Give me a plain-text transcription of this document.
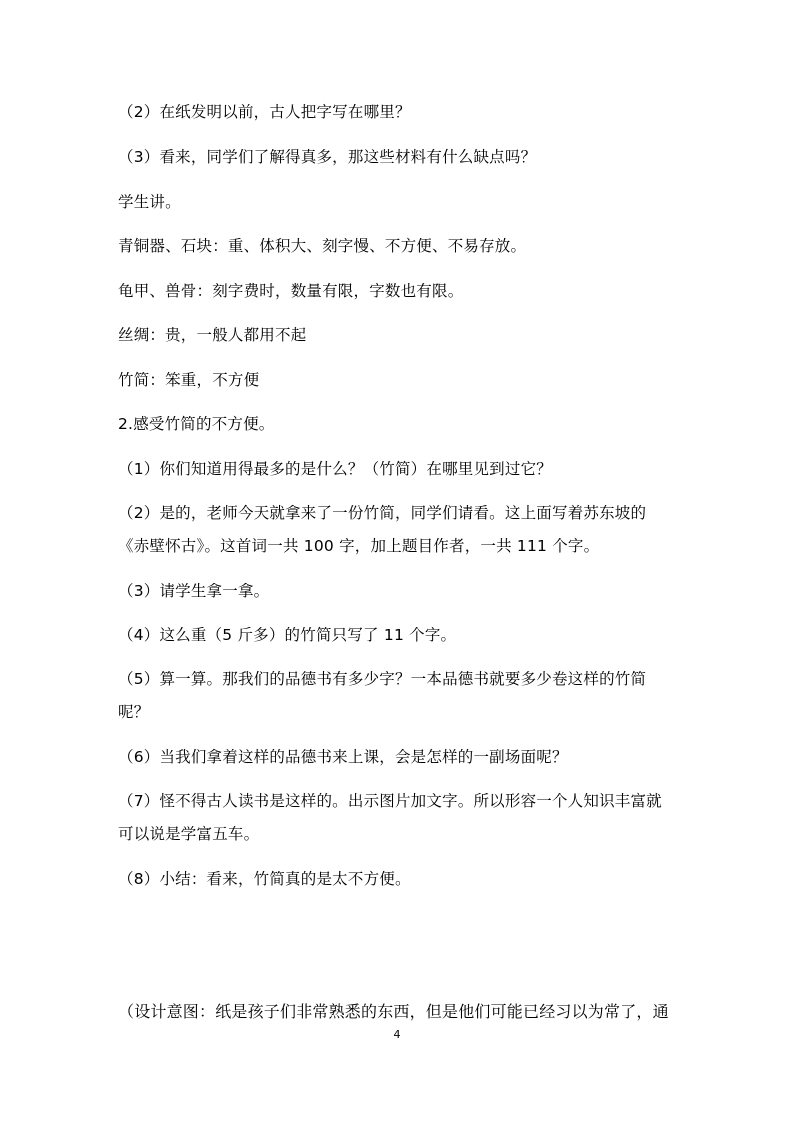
（2）在纸发明以前，古人把字写在哪里？
（3）看来，同学们了解得真多，那这些材料有什么缺点吗？
学生讲。
青铜器、石块：重、体积大、刻字慢、不方便、不易存放。
龟甲、兽骨：刻字费时，数量有限，字数也有限。
丝绸：贵，一般人都用不起
竹简：笨重，不方便
2.感受竹简的不方便。
（1）你们知道用得最多的是什么？（竹简）在哪里见到过它？
（2）是的，老师今天就拿来了一份竹简，同学们请看。这上面写着苏东坡的
《赤壁怀古》。这首词一共 100 字，加上题目作者，一共 111 个字。
（3）请学生拿一拿。
（4）这么重（5 斤多）的竹简只写了 11 个字。
（5）算一算。那我们的品德书有多少字？一本品德书就要多少卷这样的竹简
呢？
（6）当我们拿着这样的品德书来上课，会是怎样的一副场面呢？
（7）怪不得古人读书是这样的。出示图片加文字。所以形容一个人知识丰富就
可以说是学富五车。
（8）小结：看来，竹简真的是太不方便。
（设计意图：纸是孩子们非常熟悉的东西，但是他们可能已经习以为常了，通
4
